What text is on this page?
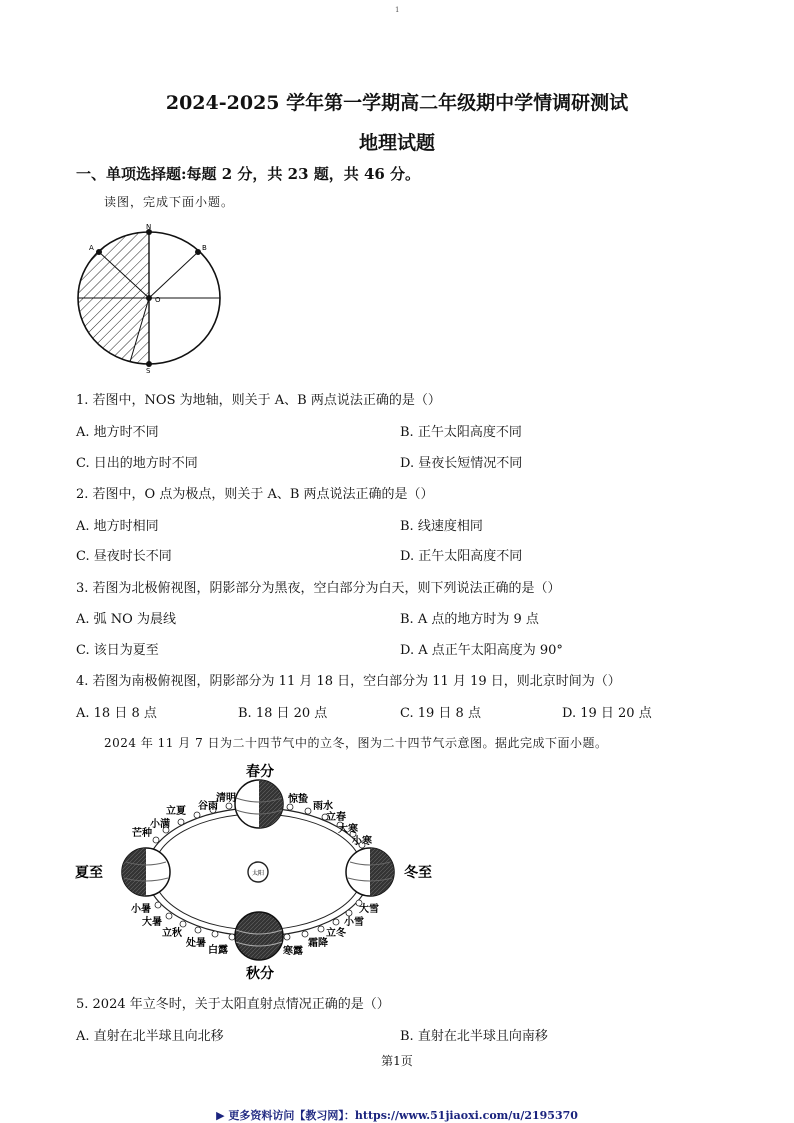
1
2024-2025 学年第一学期高二年级期中学情调研测试
地理试题
一、单项选择题:每题 2 分，共 23 题，共 46 分。
读图，完成下面小题。
N
S
A	B
O
1. 若图中，NOS 为地轴，则关于 A、B 两点说法正确的是（）
A. 地方时不同	B. 正午太阳高度不同
C. 日出的地方时不同	D. 昼夜长短情况不同
2. 若图中，O 点为极点，则关于 A、B 两点说法正确的是（）
A. 地方时相同	B. 线速度相同
C. 昼夜时长不同	D. 正午太阳高度不同
3. 若图为北极俯视图，阴影部分为黑夜，空白部分为白天，则下列说法正确的是（）
A. 弧 NO 为晨线	B. A 点的地方时为 9 点
C. 该日为夏至	D. A 点正午太阳高度为 90°
4. 若图为南极俯视图，阴影部分为 11 月 18 日，空白部分为 11 月 19 日，则北京时间为（）
A. 18 日 8 点	B. 18 日 20 点	C. 19 日 8 点	D. 19 日 20 点
2024 年 11 月 7 日为二十四节气中的立冬，图为二十四节气示意图。据此完成下面小题。
太阳
春分
秋分
夏至	冬至
谷雨
清明
立夏
小满
芒种
惊蛰
雨水
立春
大寒
小寒
小暑
大暑
立秋
处暑
白露	寒露
霜降
立冬
小雪
大雪
5. 2024 年立冬时，关于太阳直射点情况正确的是（）
A. 直射在北半球且向北移	B. 直射在北半球且向南移
第1页
▶ 更多资料访问【教习网】：https://www.51jiaoxi.com/u/2195370
